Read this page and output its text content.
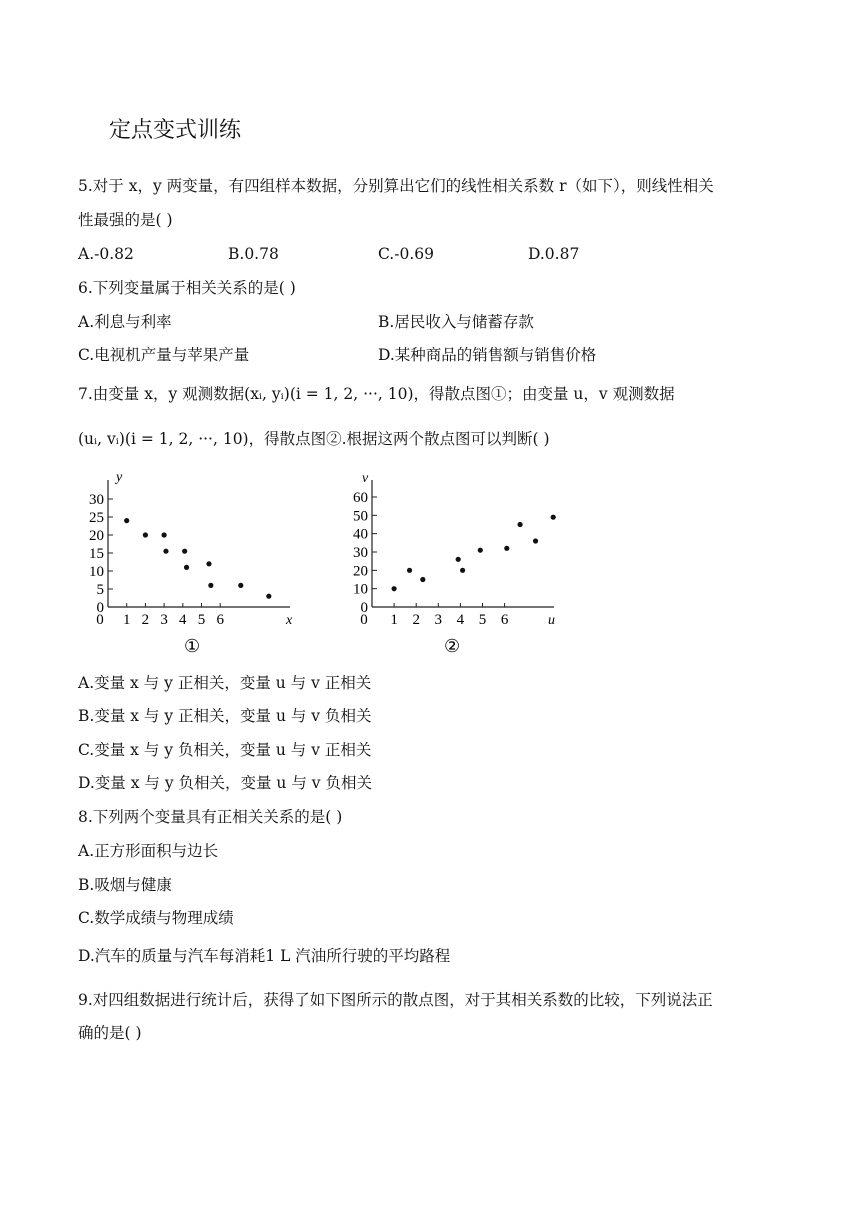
定点变式训练
5.对于 x，y 两变量，有四组样本数据，分别算出它们的线性相关系数 r（如下），则线性相关
性最强的是( )
A.-0.82	B.0.78	C.-0.69	D.0.87
6.下列变量属于相关关系的是( )
A.利息与利率	B.居民收入与储蓄存款
C.电视机产量与苹果产量	D.某种商品的销售额与销售价格
7.由变量 x，y 观测数据(xᵢ, yᵢ)(i = 1, 2, ···, 10)，得散点图①；由变量 u，v 观测数据
(uᵢ, vᵢ)(i = 1, 2, ···, 10)，得散点图②.根据这两个散点图可以判断( )
0
5
10
15
20
25
30
0 1 2 3 4 5 6
y
x
①
0
10
20
30
40
50
60
0 1 2 3 4 5 6
v
u
②
A.变量 x 与 y 正相关，变量 u 与 v 正相关
B.变量 x 与 y 正相关，变量 u 与 v 负相关
C.变量 x 与 y 负相关，变量 u 与 v 正相关
D.变量 x 与 y 负相关，变量 u 与 v 负相关
8.下列两个变量具有正相关关系的是( )
A.正方形面积与边长
B.吸烟与健康
C.数学成绩与物理成绩
D.汽车的质量与汽车每消耗1 L 汽油所行驶的平均路程
9.对四组数据进行统计后，获得了如下图所示的散点图，对于其相关系数的比较，下列说法正
确的是( )
